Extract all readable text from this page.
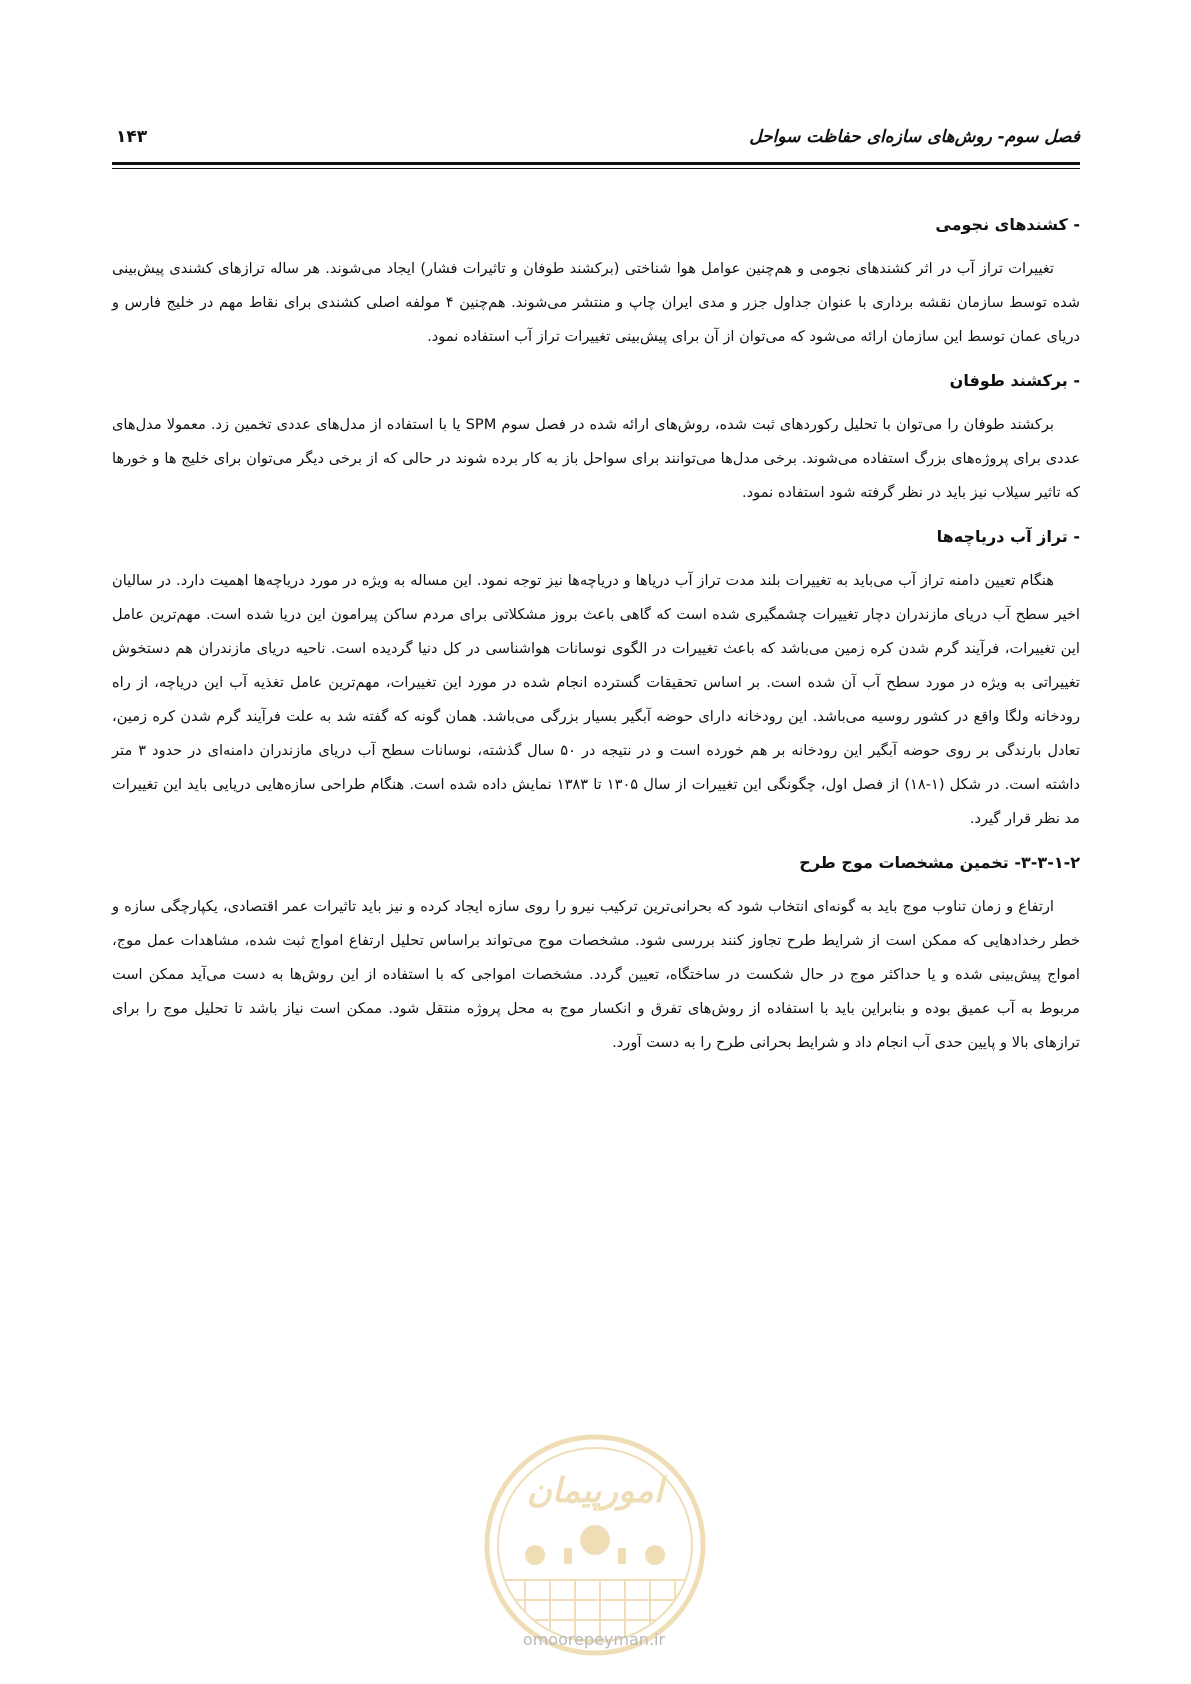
فصل سوم- روش‌های سازه‌ای حفاظت سواحل
۱۴۳
- کشندهای نجومی

تغییرات تراز آب در اثر کشندهای نجومی و هم‌چنین عوامل هوا شناختی (برکشند طوفان و تاثیرات فشار) ایجاد می‌شوند. هر ساله ترازهای کشندی پیش‌بینی شده توسط سازمان نقشه برداری با عنوان جداول جزر و مدی ایران چاپ و منتشر می‌شوند. هم‌چنین ۴ مولفه اصلی کشندی برای نقاط مهم در خلیج فارس و دریای عمان توسط این سازمان ارائه می‌شود که می‌توان از آن برای پیش‌بینی تغییرات تراز آب استفاده نمود.

- برکشند طوفان

برکشند طوفان را می‌توان با تحلیل رکوردهای ثبت شده، روش‌های ارائه شده در فصل سوم SPM یا با استفاده از مدل‌های عددی تخمین زد. معمولا مدل‌های عددی برای پروژه‌های بزرگ استفاده می‌شوند. برخی مدل‌ها می‌توانند برای سواحل باز به کار برده شوند در حالی که از برخی دیگر می‌توان برای خلیج ها و خورها که تاثیر سیلاب نیز باید در نظر گرفته شود استفاده نمود.

- تراز آب دریاچه‌ها

هنگام تعیین دامنه تراز آب می‌باید به تغییرات بلند مدت تراز آب دریاها و دریاچه‌ها نیز توجه نمود. این مساله به ویژه در مورد دریاچه‌ها اهمیت دارد. در سالیان اخیر سطح آب دریای مازندران دچار تغییرات چشمگیری شده است که گاهی باعث بروز مشکلاتی برای مردم ساکن پیرامون این دریا شده است. مهم‌ترین عامل این تغییرات، فرآیند گرم شدن کره زمین می‌باشد که باعث تغییرات در الگوی نوسانات هواشناسی در کل دنیا گردیده است. ناحیه دریای مازندران هم دستخوش تغییراتی به ویژه در مورد سطح آب آن شده است. بر اساس تحقیقات گسترده انجام شده در مورد این تغییرات، مهم‌ترین عامل تغذیه آب این دریاچه، از راه رودخانه ولگا واقع در کشور روسیه می‌باشد. این رودخانه دارای حوضه آبگیر بسیار بزرگی می‌باشد. همان گونه که گفته شد به علت فرآیند گرم شدن کره زمین، تعادل بارندگی بر روی حوضه آبگیر این رودخانه بر هم خورده است و در نتیجه در ۵۰ سال گذشته، نوسانات سطح آب دریای مازندران دامنه‌ای در حدود ۳ متر داشته است. در شکل (۱-۱۸) از فصل اول، چگونگی این تغییرات از سال ۱۳۰۵ تا ۱۳۸۳ نمایش داده شده است. هنگام طراحی سازه‌هایی دریایی باید این تغییرات مد نظر قرار گیرد.

۳-۳-۱-۲- تخمین مشخصات موج طرح

ارتفاع و زمان تناوب موج باید به گونه‌ای انتخاب شود که بحرانی‌ترین ترکیب نیرو را روی سازه ایجاد کرده و نیز باید تاثیرات عمر اقتصادی، یکپارچگی سازه و خطر رخدادهایی که ممکن است از شرایط طرح تجاوز کنند بررسی شود. مشخصات موج می‌تواند براساس تحلیل ارتفاع امواج ثبت شده، مشاهدات عمل موج، امواج پیش‌بینی شده و یا حداکثر موج در حال شکست در ساختگاه، تعیین گردد. مشخصات امواجی که با استفاده از این روش‌ها به دست می‌آید ممکن است مربوط به آب عمیق بوده و بنابراین باید با استفاده از روش‌های تفرق و انکسار موج به محل پروژه منتقل شود. ممکن است نیاز باشد تا تحلیل موج را برای ترازهای بالا و پایین حدی آب انجام داد و شرایط بحرانی طرح را به دست آورد.

امورپیمان
omoorepeyman.ir
